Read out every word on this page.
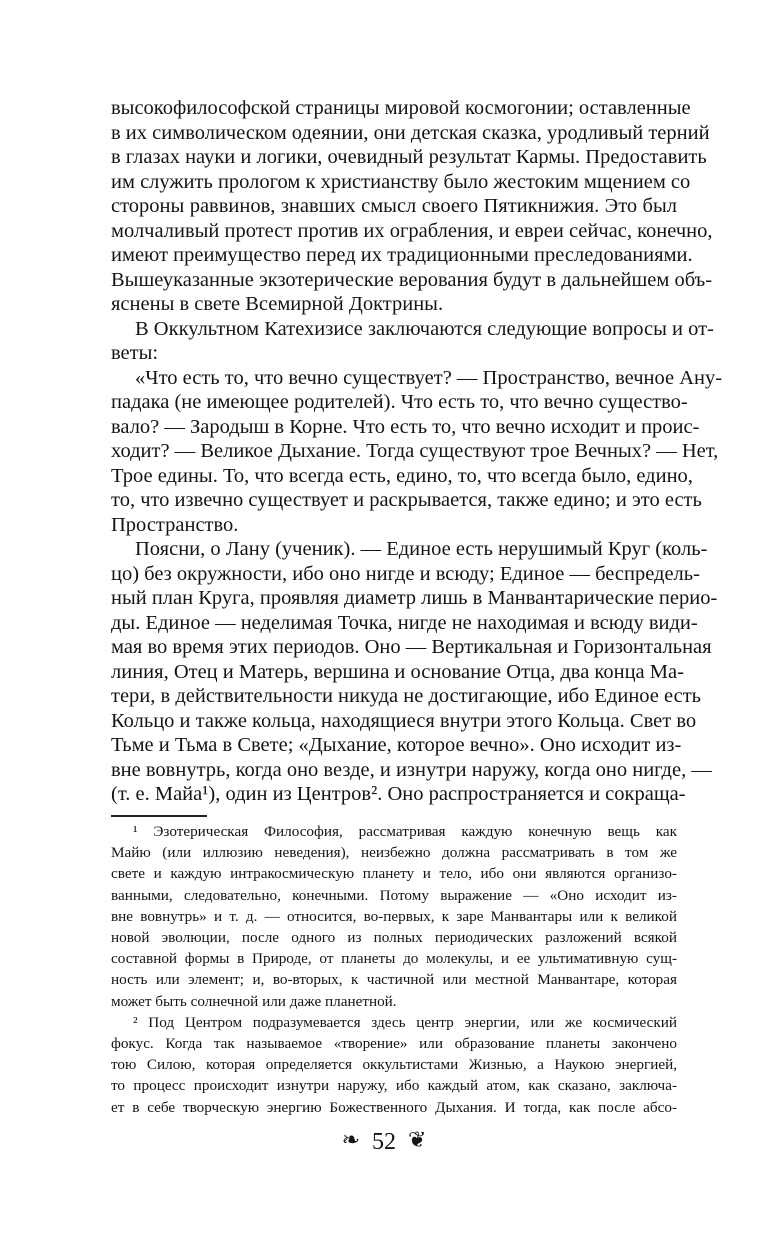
высокофилософской страницы мировой космогонии; оставленные
в их символическом одеянии, они детская сказка, уродливый терний
в глазах науки и логики, очевидный результат Кармы. Предоставить
им служить прологом к христианству было жестоким мщением со
стороны раввинов, знавших смысл своего Пятикнижия. Это был
молчаливый протест против их ограбления, и евреи сейчас, конечно,
имеют преимущество перед их традиционными преследованиями.
Вышеуказанные экзотерические верования будут в дальнейшем объ-
яснены в свете Всемирной Доктрины.
В Оккультном Катехизисе заключаются следующие вопросы и от-
веты:
«Что есть то, что вечно существует? — Пространство, вечное Ану-
падака (не имеющее родителей). Что есть то, что вечно существо-
вало? — Зародыш в Корне. Что есть то, что вечно исходит и проис-
ходит? — Великое Дыхание. Тогда существуют трое Вечных? — Нет,
Трое едины. То, что всегда есть, едино, то, что всегда было, едино,
то, что извечно существует и раскрывается, также едино; и это есть
Пространство.
Поясни, о Лану (ученик). — Единое есть нерушимый Круг (коль-
цо) без окружности, ибо оно нигде и всюду; Единое — беспредель-
ный план Круга, проявляя диаметр лишь в Манвантарические перио-
ды. Единое — неделимая Точка, нигде не находимая и всюду види-
мая во время этих периодов. Оно — Вертикальная и Горизонтальная
линия, Отец и Матерь, вершина и основание Отца, два конца Ма-
тери, в действительности никуда не достигающие, ибо Единое есть
Кольцо и также кольца, находящиеся внутри этого Кольца. Свет во
Тьме и Тьма в Свете; «Дыхание, которое вечно». Оно исходит из-
вне вовнутрь, когда оно везде, и изнутри наружу, когда оно нигде, —
(т. е. Майа¹), один из Центров². Оно распространяется и сокраща-
¹ Эзотерическая Философия, рассматривая каждую конечную вещь как
Майю (или иллюзию неведения), неизбежно должна рассматривать в том же
свете и каждую интракосмическую планету и тело, ибо они являются организо-
ванными, следовательно, конечными. Потому выражение — «Оно исходит из-
вне вовнутрь» и т. д. — относится, во-первых, к заре Манвантары или к великой
новой эволюции, после одного из полных периодических разложений всякой
составной формы в Природе, от планеты до молекулы, и ее ультимативную сущ-
ность или элемент; и, во-вторых, к частичной или местной Манвантаре, которая
может быть солнечной или даже планетной.
² Под Центром подразумевается здесь центр энергии, или же космический
фокус. Когда так называемое «творение» или образование планеты закончено
тою Силою, которая определяется оккультистами Жизнью, а Наукою энергией,
то процесс происходит изнутри наружу, ибо каждый атом, как сказано, заключа-
ет в себе творческую энергию Божественного Дыхания. И тогда, как после абсо-
❧ 52 ❦
